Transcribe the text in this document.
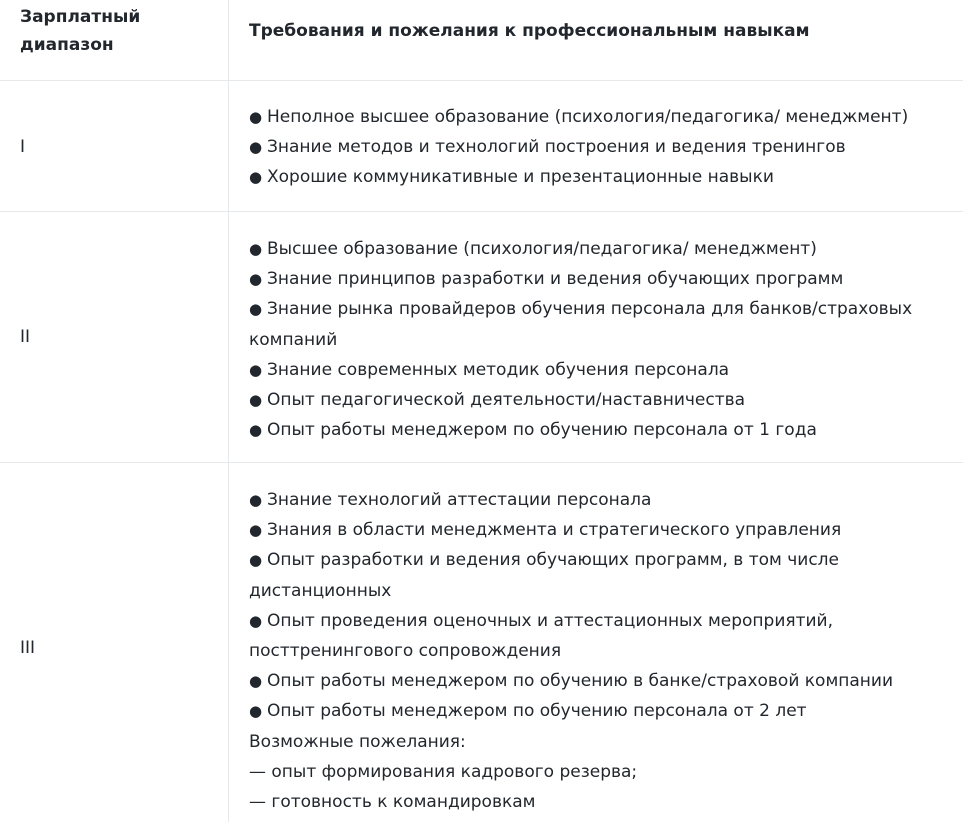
Зарплатный диапазон
Требования и пожелания к профессиональным навыкам
I
● Неполное высшее образование (психология/педагогика/ менеджмент)
● Знание методов и технологий построения и ведения тренингов
● Хорошие коммуникативные и презентационные навыки
II
● Высшее образование (психология/педагогика/ менеджмент)
● Знание принципов разработки и ведения обучающих программ
● Знание рынка провайдеров обучения персонала для банков/страховых компаний
● Знание современных методик обучения персонала
● Опыт педагогической деятельности/наставничества
● Опыт работы менеджером по обучению персонала от 1 года
III
● Знание технологий аттестации персонала
● Знания в области менеджмента и стратегического управления
● Опыт разработки и ведения обучающих программ, в том числе дистанционных
● Опыт проведения оценочных и аттестационных мероприятий, посттренингового сопровождения
● Опыт работы менеджером по обучению в банке/страховой компании
● Опыт работы менеджером по обучению персонала от 2 лет
Возможные пожелания:
— опыт формирования кадрового резерва;
— готовность к командировкам
